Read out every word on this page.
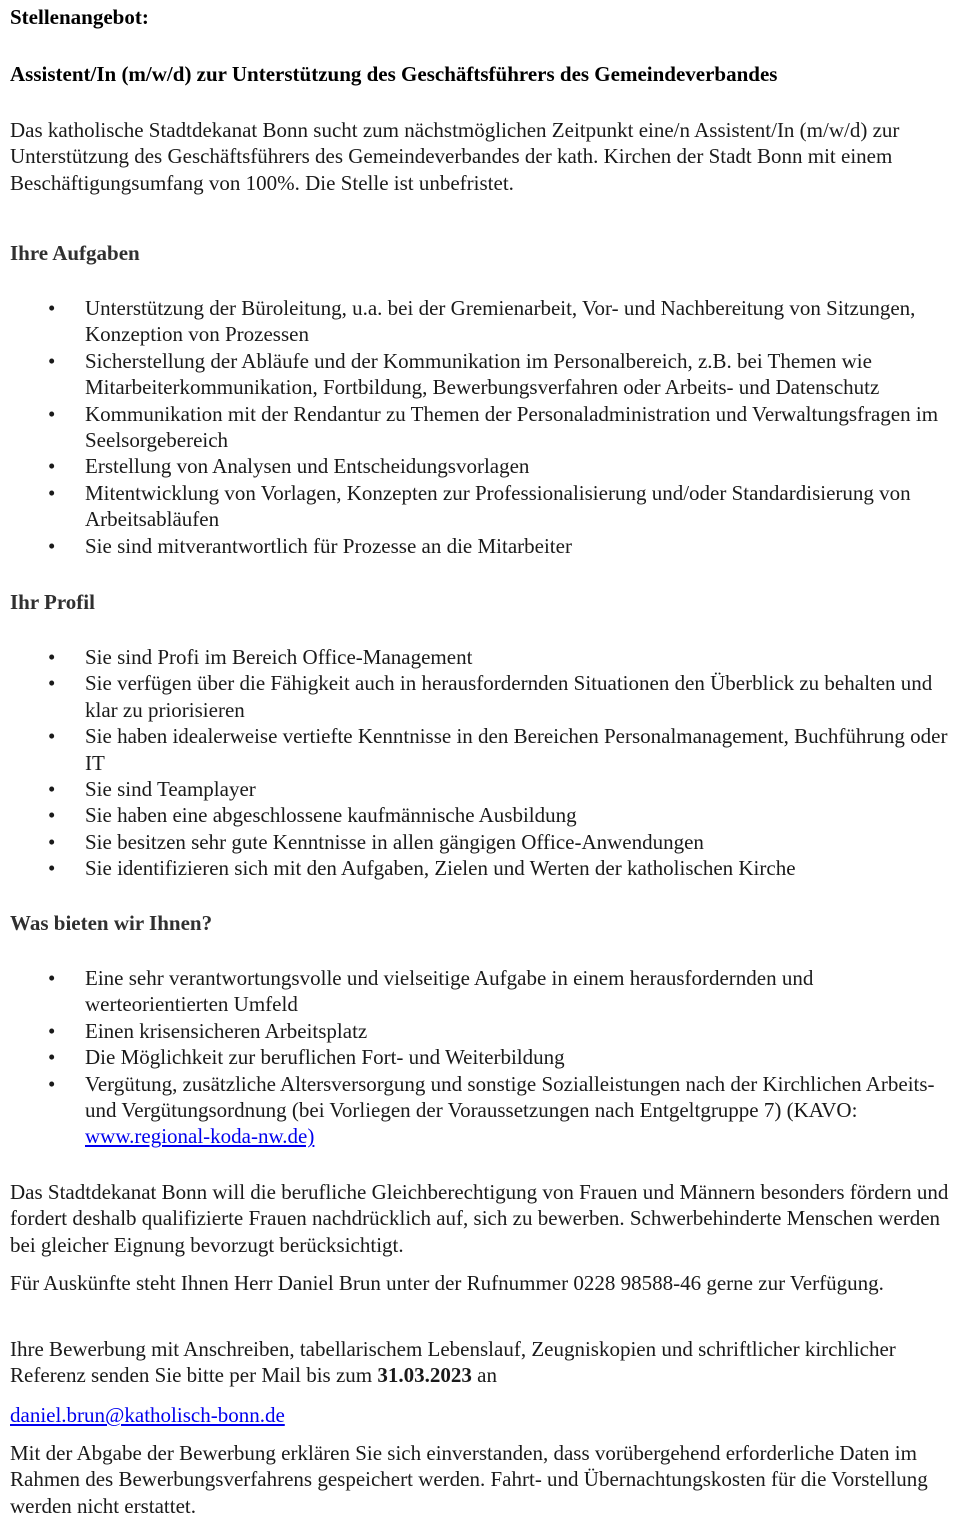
Stellenangebot:

Assistent/In (m/w/d) zur Unterstützung des Geschäftsführers des Gemeindeverbandes

Das katholische Stadtdekanat Bonn sucht zum nächstmöglichen Zeitpunkt eine/n Assistent/In (m/w/d) zur Unterstützung des Geschäftsführers des Gemeindeverbandes der kath. Kirchen der Stadt Bonn mit einem Beschäftigungsumfang von 100%. Die Stelle ist unbefristet.

Ihre Aufgaben

• Unterstützung der Büroleitung, u.a. bei der Gremienarbeit, Vor- und Nachbereitung von Sitzungen, Konzeption von Prozessen
• Sicherstellung der Abläufe und der Kommunikation im Personalbereich, z.B. bei Themen wie Mitarbeiterkommunikation, Fortbildung, Bewerbungsverfahren oder Arbeits- und Datenschutz
• Kommunikation mit der Rendantur zu Themen der Personaladministration und Verwaltungsfragen im Seelsorgebereich
• Erstellung von Analysen und Entscheidungsvorlagen
• Mitentwicklung von Vorlagen, Konzepten zur Professionalisierung und/oder Standardisierung von Arbeitsabläufen
• Sie sind mitverantwortlich für Prozesse an die Mitarbeiter

Ihr Profil

• Sie sind Profi im Bereich Office-Management
• Sie verfügen über die Fähigkeit auch in herausfordernden Situationen den Überblick zu behalten und klar zu priorisieren
• Sie haben idealerweise vertiefte Kenntnisse in den Bereichen Personalmanagement, Buchführung oder IT
• Sie sind Teamplayer
• Sie haben eine abgeschlossene kaufmännische Ausbildung
• Sie besitzen sehr gute Kenntnisse in allen gängigen Office-Anwendungen
• Sie identifizieren sich mit den Aufgaben, Zielen und Werten der katholischen Kirche

Was bieten wir Ihnen?

• Eine sehr verantwortungsvolle und vielseitige Aufgabe in einem herausfordernden und werteorientierten Umfeld
• Einen krisensicheren Arbeitsplatz
• Die Möglichkeit zur beruflichen Fort- und Weiterbildung
• Vergütung, zusätzliche Altersversorgung und sonstige Sozialleistungen nach der Kirchlichen Arbeits- und Vergütungsordnung (bei Vorliegen der Voraussetzungen nach Entgeltgruppe 7) (KAVO: www.regional-koda-nw.de)

Das Stadtdekanat Bonn will die berufliche Gleichberechtigung von Frauen und Männern besonders fördern und fordert deshalb qualifizierte Frauen nachdrücklich auf, sich zu bewerben. Schwerbehinderte Menschen werden bei gleicher Eignung bevorzugt berücksichtigt.

Für Auskünfte steht Ihnen Herr Daniel Brun unter der Rufnummer 0228 98588-46 gerne zur Verfügung.

Ihre Bewerbung mit Anschreiben, tabellarischem Lebenslauf, Zeugniskopien und schriftlicher kirchlicher Referenz senden Sie bitte per Mail bis zum 31.03.2023 an

daniel.brun@katholisch-bonn.de

Mit der Abgabe der Bewerbung erklären Sie sich einverstanden, dass vorübergehend erforderliche Daten im Rahmen des Bewerbungsverfahrens gespeichert werden. Fahrt- und Übernachtungskosten für die Vorstellung werden nicht erstattet.
